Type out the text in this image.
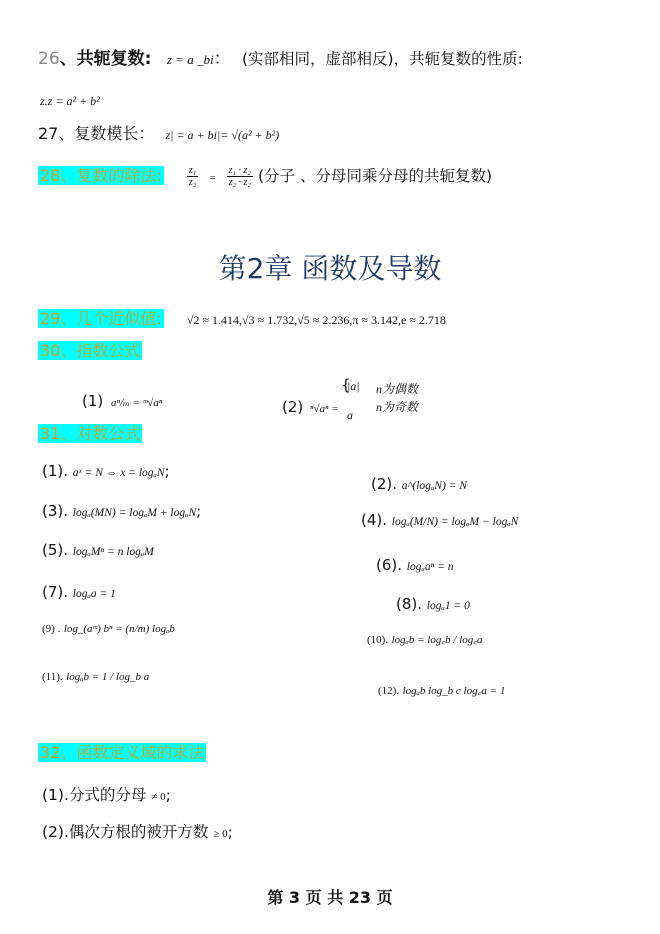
26、共轭复数: z = a _bi： (实部相同，虚部相反)，共轭复数的性质:
z.z = a² + b²
27、复数模长： z| = a + bi|= √(a² + b²)
28、复数的除法:	$\frac{\text{z₁}}{\text{z₂}} = \frac{\text{z₁ · z₂}}{\text{z₂ · z₂}}$ (分子 、分母同乘分母的共轭复数)
第2章 函数及导数
29、几个近似值: √2 ≈ 1.414,√3 ≈ 1.732,√5 ≈ 2.236,π ≈ 3.142,e ≈ 2.718
30、指数公式
(1) aⁿ/ₘ = ᵐ√aⁿ	(2) ⁿ√aⁿ =
{
|a| n为偶数
a
n为奇数
31、对数公式
(1). aˣ = N ⇔ x = logₐN;
(2). a^(logₐN) = N
(3). logₐ(MN) = logₐM + logₐN;	(4). logₐ(M/N) = logₐM − logₐN
(5). logₐMⁿ = n logₐM
(6). logₐaⁿ = n
(7). logₐa = 1
(8). logₐ1 = 0
(9) . log_(aᵐ) bⁿ = (n/m) logₐb
(10). logₐb = log꜀b / log꜀a
(11). logₐb = 1 / log_b a
(12). logₐb log_b c log꜀a = 1
32、函数定义域的求法
(1).分式的分母 ≠ 0;
(2).偶次方根的被开方数 ≥ 0;
第 3 页 共 23 页
